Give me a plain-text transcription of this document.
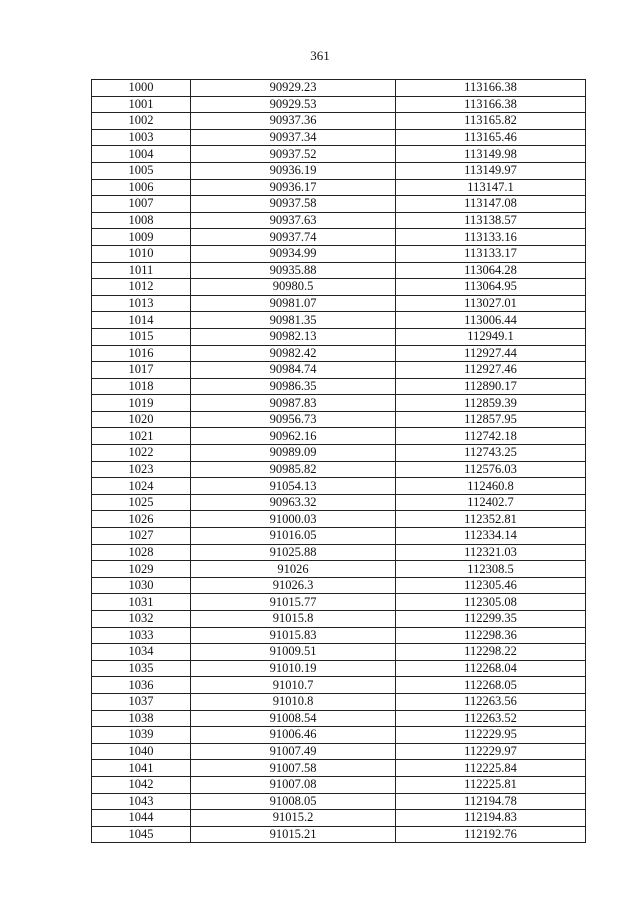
361
1000	90929.23	113166.38
1001	90929.53	113166.38
1002	90937.36	113165.82
1003	90937.34	113165.46
1004	90937.52	113149.98
1005	90936.19	113149.97
1006	90936.17	113147.1
1007	90937.58	113147.08
1008	90937.63	113138.57
1009	90937.74	113133.16
1010	90934.99	113133.17
1011	90935.88	113064.28
1012	90980.5	113064.95
1013	90981.07	113027.01
1014	90981.35	113006.44
1015	90982.13	112949.1
1016	90982.42	112927.44
1017	90984.74	112927.46
1018	90986.35	112890.17
1019	90987.83	112859.39
1020	90956.73	112857.95
1021	90962.16	112742.18
1022	90989.09	112743.25
1023	90985.82	112576.03
1024	91054.13	112460.8
1025	90963.32	112402.7
1026	91000.03	112352.81
1027	91016.05	112334.14
1028	91025.88	112321.03
1029	91026	112308.5
1030	91026.3	112305.46
1031	91015.77	112305.08
1032	91015.8	112299.35
1033	91015.83	112298.36
1034	91009.51	112298.22
1035	91010.19	112268.04
1036	91010.7	112268.05
1037	91010.8	112263.56
1038	91008.54	112263.52
1039	91006.46	112229.95
1040	91007.49	112229.97
1041	91007.58	112225.84
1042	91007.08	112225.81
1043	91008.05	112194.78
1044	91015.2	112194.83
1045	91015.21	112192.76
